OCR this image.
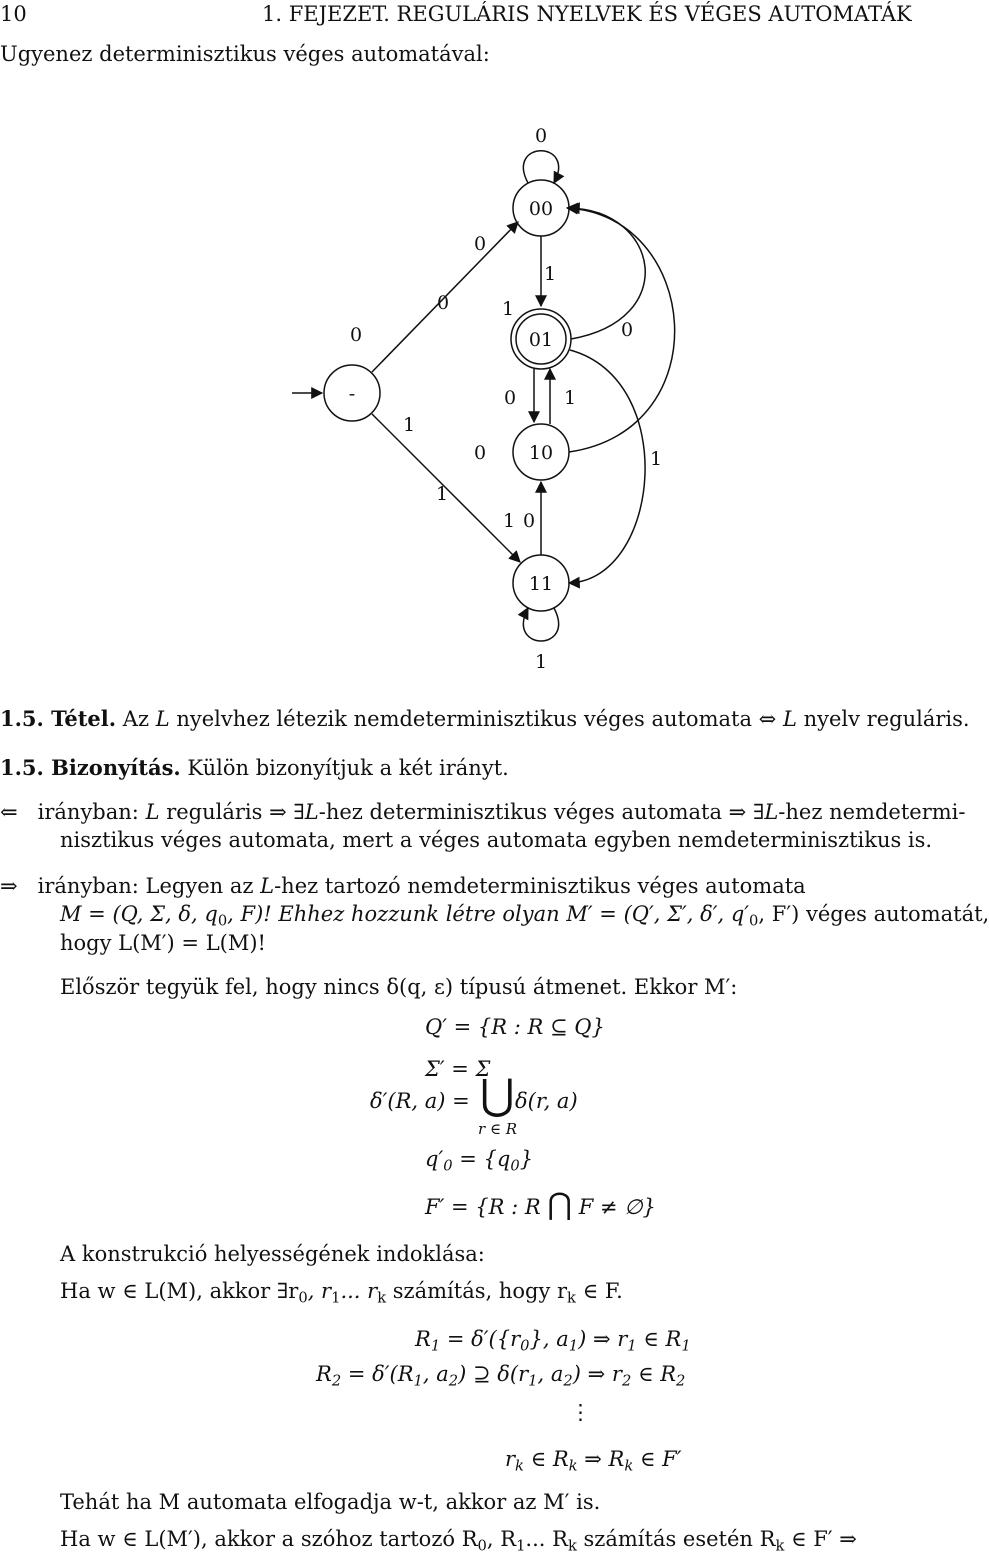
10	1. FEJEZET. REGULÁRIS NYELVEK ÉS VÉGES AUTOMATÁK
Ugyenez determinisztikus véges automatával:
-
00
01
10
11
0
0
0
0
1
1
0
0	1
1
0	1
1
1 0
1
1.5. Tétel. Az L nyelvhez létezik nemdeterminisztikus véges automata ⇔ L nyelv reguláris.
1.5. Bizonyítás. Külön bizonyítjuk a két irányt.
⇐ irányban: L reguláris ⇒ ∃L-hez determinisztikus véges automata ⇒ ∃L-hez nemdetermi-
nisztikus véges automata, mert a véges automata egyben nemdeterminisztikus is.
⇒ irányban: Legyen az L-hez tartozó nemdeterminisztikus véges automata
M = (Q, Σ, δ, $q_0$, F)! Ehhez hozzunk létre olyan M′ = (Q′, Σ′, δ′, $q'_0$, F′) véges automatát,
hogy L(M′) = L(M)!
Először tegyük fel, hogy nincs δ(q, ε) típusú átmenet. Ekkor M′:
Q′ = {R : R ⊆ Q}
Σ′ = Σ
δ′(R, a) = ⋃ δ(r, a)
r ∈ R
$q'_0 = \{q_0\}$
F′ = {R : R ⋂ F ≠ ∅}
A konstrukció helyességének indoklása:
Ha w ∈ L(M), akkor $\exists r_0$, $r_1$... $r_k$ számítás, hogy $r_k$ ∈ F.
$R_1 = \delta'(\{r_0\}$, $a_1$) ⇒ $r_1$ ∈ $R_1$
$R_2 = \delta'(R_1$, $a_2$) ⊇ $\delta(r_1$, $a_2$) ⇒ $r_2$ ∈ $R_2$
⋮
$r_k$ ∈ $R_k$ ⇒ $R_k$ ∈ F′
Tehát ha M automata elfogadja w-t, akkor az M′ is.
Ha w ∈ L(M′), akkor a szóhoz tartozó $R_0$, $R_1$... $R_k$ számítás esetén $R_k$ ∈ F′ ⇒
